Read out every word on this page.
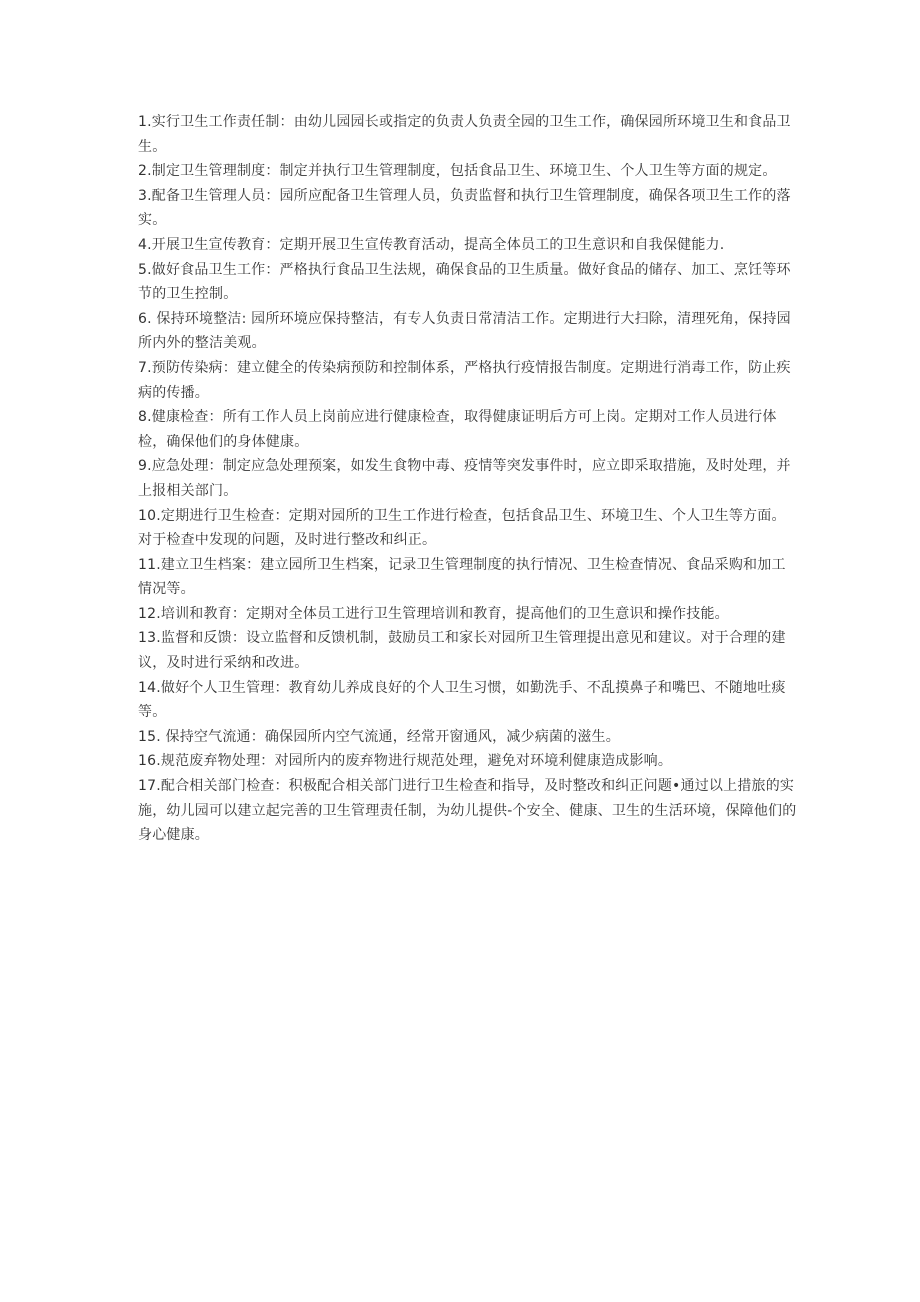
1.实行卫生工作责任制：由幼儿园园长或指定的负责人负责全园的卫生工作，确保园所环境卫生和食品卫生。

2.制定卫生管理制度：制定并执行卫生管理制度，包括食品卫生、环境卫生、个人卫生等方面的规定。

3.配备卫生管理人员：园所应配备卫生管理人员，负责监督和执行卫生管理制度，确保各项卫生工作的落实。

4.开展卫生宣传教育：定期开展卫生宣传教育活动，提高全体员工的卫生意识和自我保健能力.

5.做好食品卫生工作：严格执行食品卫生法规，确保食品的卫生质量。做好食品的储存、加工、烹饪等环节的卫生控制。

6. 保持环境整洁: 园所环境应保持整洁，有专人负责日常清洁工作。定期进行大扫除，清理死角，保持园所内外的整洁美观。

7.预防传染病：建立健全的传染病预防和控制体系，严格执行疫情报告制度。定期进行消毒工作，防止疾病的传播。

8.健康检查：所有工作人员上岗前应进行健康检查，取得健康证明后方可上岗。定期对工作人员进行体检，确保他们的身体健康。

9.应急处理：制定应急处理预案，如发生食物中毒、疫情等突发事件时，应立即采取措施，及时处理，并上报相关部门。

10.定期进行卫生检查：定期对园所的卫生工作进行检查，包括食品卫生、环境卫生、个人卫生等方面。对于检查中发现的问题，及时进行整改和纠正。

11.建立卫生档案：建立园所卫生档案，记录卫生管理制度的执行情况、卫生检查情况、食品采购和加工情况等。

12.培训和教育：定期对全体员工进行卫生管理培训和教育，提高他们的卫生意识和操作技能。

13.监督和反馈：设立监督和反馈机制，鼓励员工和家长对园所卫生管理提出意见和建议。对于合理的建议，及时进行采纳和改进。

14.做好个人卫生管理：教育幼儿养成良好的个人卫生习惯，如勤洗手、不乱摸鼻子和嘴巴、不随地吐痰等。

15. 保持空气流通：确保园所内空气流通，经常开窗通风，减少病菌的滋生。

16.规范废弃物处理：对园所内的废弃物进行规范处理，避免对环境利健康造成影响。

17.配合相关部门检查：积极配合相关部门进行卫生检查和指导，及时整改和纠正问题•通过以上措旅的实施，幼儿园可以建立起完善的卫生管理责任制，为幼儿提供-个安全、健康、卫生的生活环境，保障他们的身心健康。
